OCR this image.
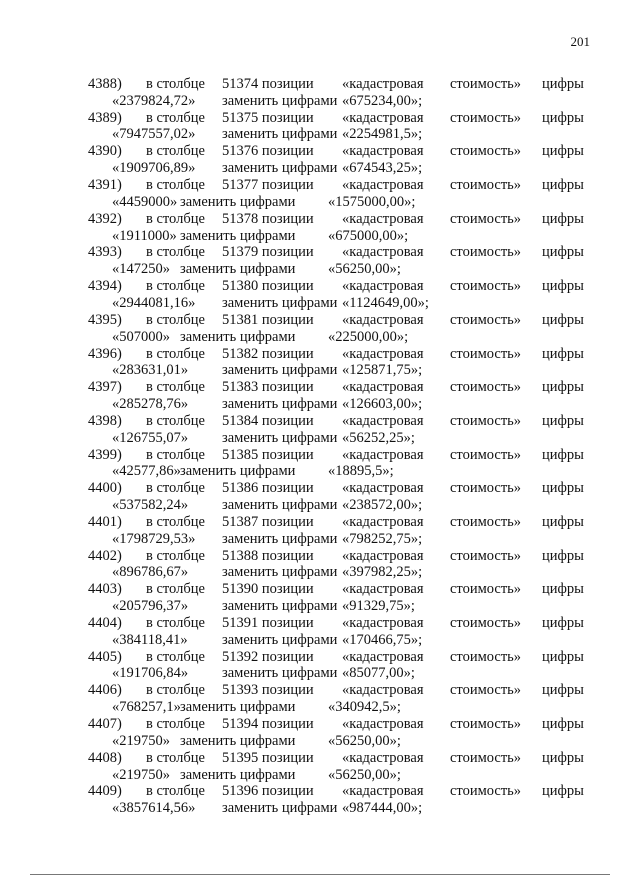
201
4388) в столбце 51374 позиции «кадастровая стоимость» цифры
«2379824,72» заменить цифрами «675234,00»;
4389) в столбце 51375 позиции «кадастровая стоимость» цифры
«7947557,02» заменить цифрами «2254981,5»;
4390) в столбце 51376 позиции «кадастровая стоимость» цифры
«1909706,89» заменить цифрами «674543,25»;
4391) в столбце 51377 позиции «кадастровая стоимость» цифры
«4459000» заменить цифрами «1575000,00»;
4392) в столбце 51378 позиции «кадастровая стоимость» цифры
«1911000» заменить цифрами «675000,00»;
4393) в столбце 51379 позиции «кадастровая стоимость» цифры
«147250» заменить цифрами «56250,00»;
4394) в столбце 51380 позиции «кадастровая стоимость» цифры
«2944081,16» заменить цифрами «1124649,00»;
4395) в столбце 51381 позиции «кадастровая стоимость» цифры
«507000» заменить цифрами «225000,00»;
4396) в столбце 51382 позиции «кадастровая стоимость» цифры
«283631,01» заменить цифрами «125871,75»;
4397) в столбце 51383 позиции «кадастровая стоимость» цифры
«285278,76» заменить цифрами «126603,00»;
4398) в столбце 51384 позиции «кадастровая стоимость» цифры
«126755,07» заменить цифрами «56252,25»;
4399) в столбце 51385 позиции «кадастровая стоимость» цифры
«42577,86» заменить цифрами «18895,5»;
4400) в столбце 51386 позиции «кадастровая стоимость» цифры
«537582,24» заменить цифрами «238572,00»;
4401) в столбце 51387 позиции «кадастровая стоимость» цифры
«1798729,53» заменить цифрами «798252,75»;
4402) в столбце 51388 позиции «кадастровая стоимость» цифры
«896786,67» заменить цифрами «397982,25»;
4403) в столбце 51390 позиции «кадастровая стоимость» цифры
«205796,37» заменить цифрами «91329,75»;
4404) в столбце 51391 позиции «кадастровая стоимость» цифры
«384118,41» заменить цифрами «170466,75»;
4405) в столбце 51392 позиции «кадастровая стоимость» цифры
«191706,84» заменить цифрами «85077,00»;
4406) в столбце 51393 позиции «кадастровая стоимость» цифры
«768257,1» заменить цифрами «340942,5»;
4407) в столбце 51394 позиции «кадастровая стоимость» цифры
«219750» заменить цифрами «56250,00»;
4408) в столбце 51395 позиции «кадастровая стоимость» цифры
«219750» заменить цифрами «56250,00»;
4409) в столбце 51396 позиции «кадастровая стоимость» цифры
«3857614,56» заменить цифрами «987444,00»;
